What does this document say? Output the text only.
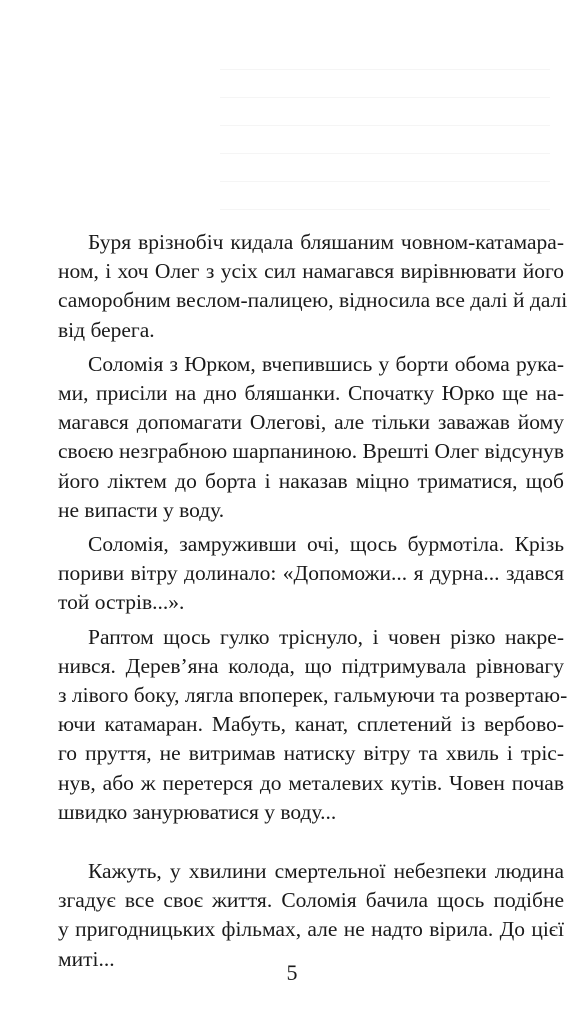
Буря врізнобіч кидала бляшаним човном-катамара-
ном, і хоч Олег з усіх сил намагався вирівнювати його
саморобним веслом-палицею, відносила все далі й далі
від берега.
Соломія з Юрком, вчепившись у борти обома рука-
ми, присіли на дно бляшанки. Спочатку Юрко ще на-
магався допомагати Олегові, але тільки заважав йому
своєю незграбною шарпаниною. Врешті Олег відсунув
його ліктем до борта і наказав міцно триматися, щоб
не випасти у воду.
Соломія, замруживши очі, щось бурмотіла. Крізь
пориви вітру долинало: «Допоможи... я дурна... здався
той острів...».
Раптом щось гулко тріснуло, і човен різко накре-
нився. Дерев’яна колода, що підтримувала рівновагу
з лівого боку, лягла впоперек, гальмуючи та розвертаю-
ючи катамаран. Мабуть, канат, сплетений із вербово-
го пруття, не витримав натиску вітру та хвиль і тріс-
нув, або ж перетерся до металевих кутів. Човен почав
швидко занурюватися у воду...
Кажуть, у хвилини смертельної небезпеки людина
згадує все своє життя. Соломія бачила щось подібне
у пригодницьких фільмах, але не надто вірила. До цієї
миті...
5
